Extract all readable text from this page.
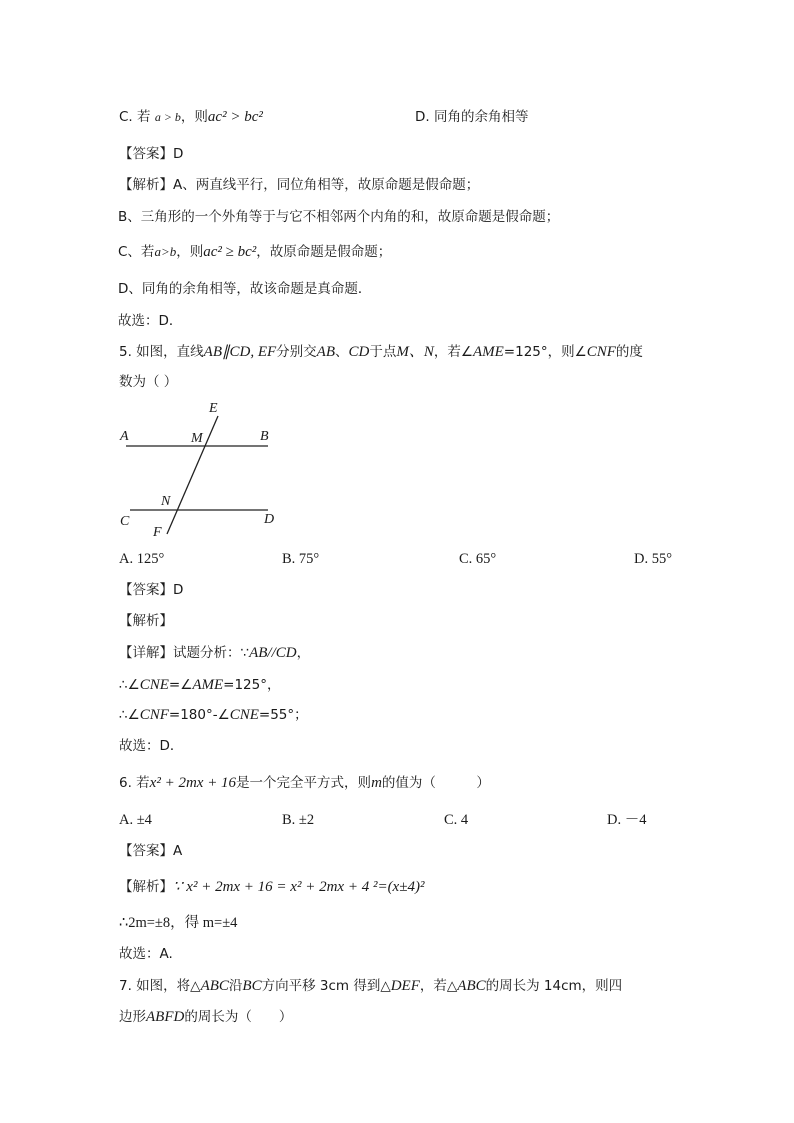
C. 若 a > b，则ac² > bc²	D. 同角的余角相等
【答案】D
【解析】A、两直线平行，同位角相等，故原命题是假命题；
B、三角形的一个外角等于与它不相邻两个内角的和，故原命题是假命题；
C、若a>b，则ac² ≥ bc²，故原命题是假命题；
D、同角的余角相等，故该命题是真命题．
故选：D．
5. 如图，直线AB∥CD, EF分别交AB、CD于点M、N，若∠AME=125°，则∠CNF的度
数为（ ）
E
A	M	B
N
C	D
F
A. 125°	B. 75°	C. 65°	D. 55°
【答案】D
【解析】
【详解】试题分析：∵AB//CD，
∴∠CNE=∠AME=125°，
∴∠CNF=180°-∠CNE=55°；
故选：D．
6. 若x² + 2mx + 16是一个完全平方式，则m的值为（　　　）
A. ±4	B. ±2	C. 4	D. －4
【答案】A
【解析】∵ x² + 2mx + 16 = x² + 2mx + 4 ²=(x±4)²
∴2m=±8，得 m=±4
故选：A.
7. 如图，将△ABC沿BC方向平移 3cm 得到△DEF，若△ABC的周长为 14cm，则四
边形ABFD的周长为（　　）
